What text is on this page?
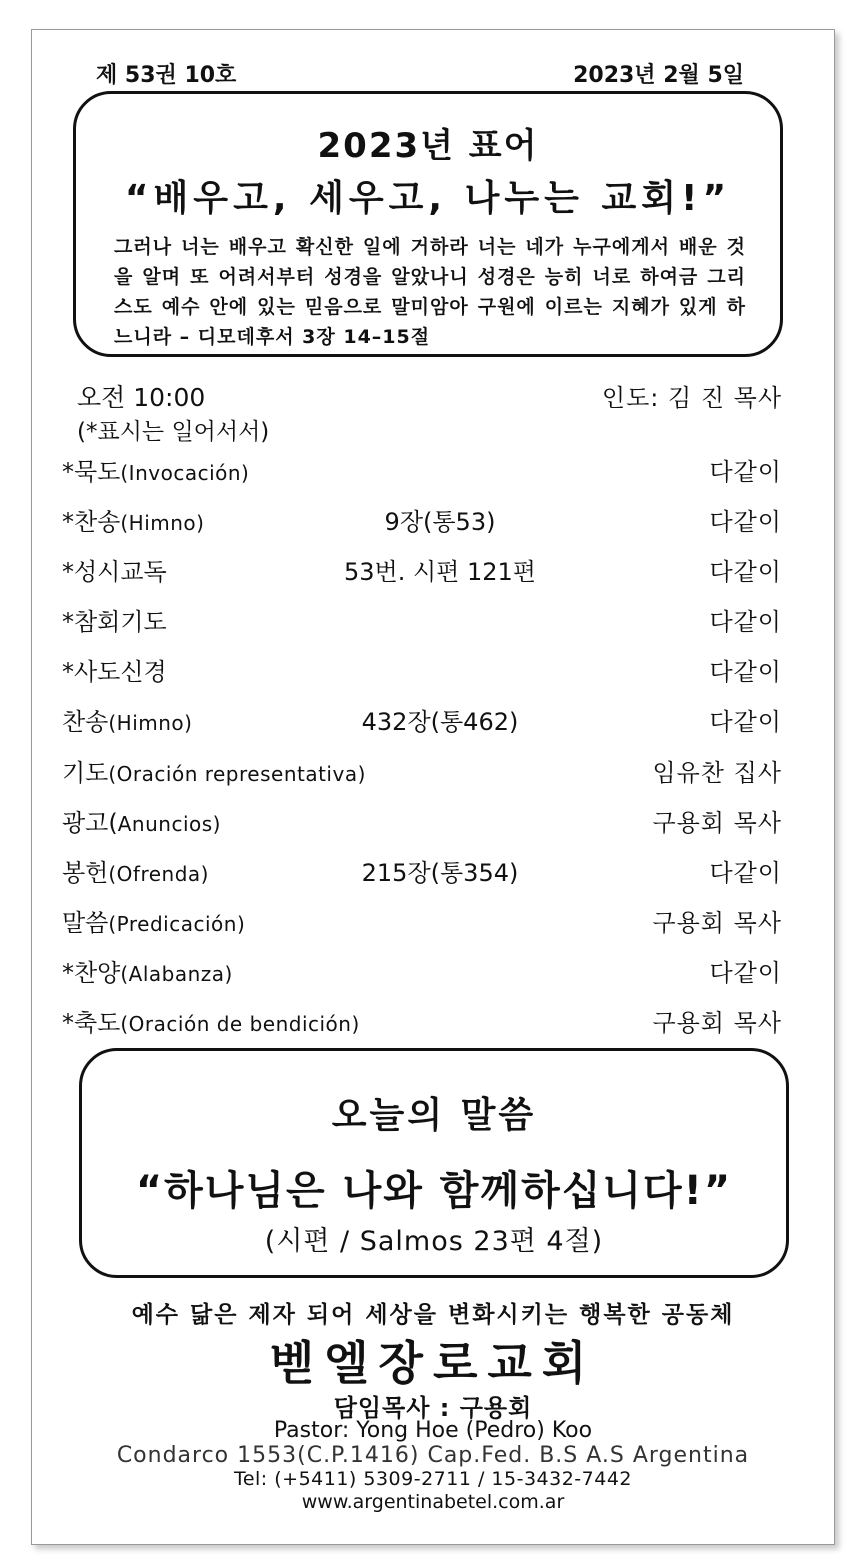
제 53권 10호	2023년 2월 5일
2023년 표어
“배우고, 세우고, 나누는 교회!”
그러나 너는 배우고 확신한 일에 거하라 너는 네가 누구에게서 배운 것을 알며 또 어려서부터 성경을 알았나니 성경은 능히 너로 하여금 그리스도 예수 안에 있는 믿음으로 말미암아 구원에 이르는 지혜가 있게 하느니라 – 디모데후서 3장 14–15절
오전 10:00
(*표시는 일어서서)
인도: 김 진 목사
*묵도(Invocación)	다같이
*찬송(Himno)	9장(통53)	다같이
*성시교독	53번. 시편 121편	다같이
*참회기도	다같이
*사도신경	다같이
찬송(Himno)	432장(통462)	다같이
기도(Oración representativa)	임유찬 집사
광고(Anuncios)	구용회 목사
봉헌(Ofrenda)	215장(통354)	다같이
말씀(Predicación)	구용회 목사
*찬양(Alabanza)	다같이
*축도(Oración de bendición)	구용회 목사
오늘의 말씀
“하나님은 나와 함께하십니다!”
(시편 / Salmos 23편 4절)
예수 닮은 제자 되어 세상을 변화시키는 행복한 공동체
벧엘장로교회
담임목사 : 구용회
Pastor: Yong Hoe (Pedro) Koo
Condarco 1553(C.P.1416) Cap.Fed. B.S A.S Argentina
Tel: (+5411) 5309-2711 / 15-3432-7442
www.argentinabetel.com.ar
